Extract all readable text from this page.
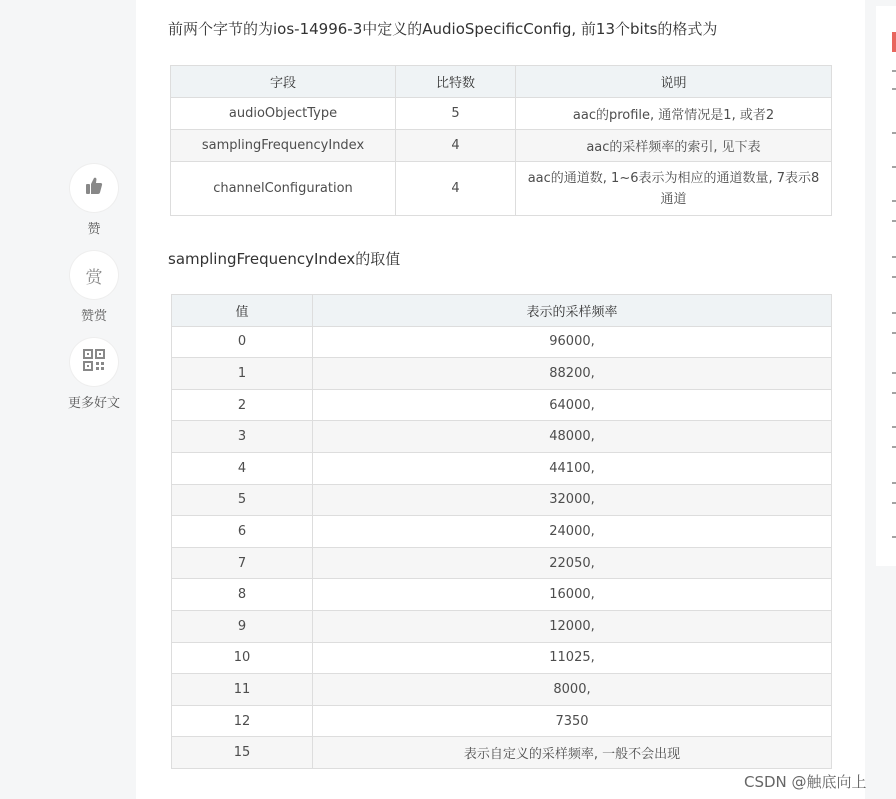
赞
赏
赞赏
更多好文
前两个字节的为ios-14996-3中定义的AudioSpecificConfig, 前13个bits的格式为
字段	比特数	说明
audioObjectType	5	aac的profile, 通常情况是1, 或者2
samplingFrequencyIndex	4	aac的采样频率的索引, 见下表
channelConfiguration	4	aac的通道数, 1~6表示为相应的通道数量, 7表示8通道
samplingFrequencyIndex的取值
值	表示的采样频率
0	96000,
1	88200,
2	64000,
3	48000,
4	44100,
5	32000,
6	24000,
7	22050,
8	16000,
9	12000,
10	11025,
11	8000,
12	7350
15	表示自定义的采样频率, 一般不会出现
CSDN @触底向上
